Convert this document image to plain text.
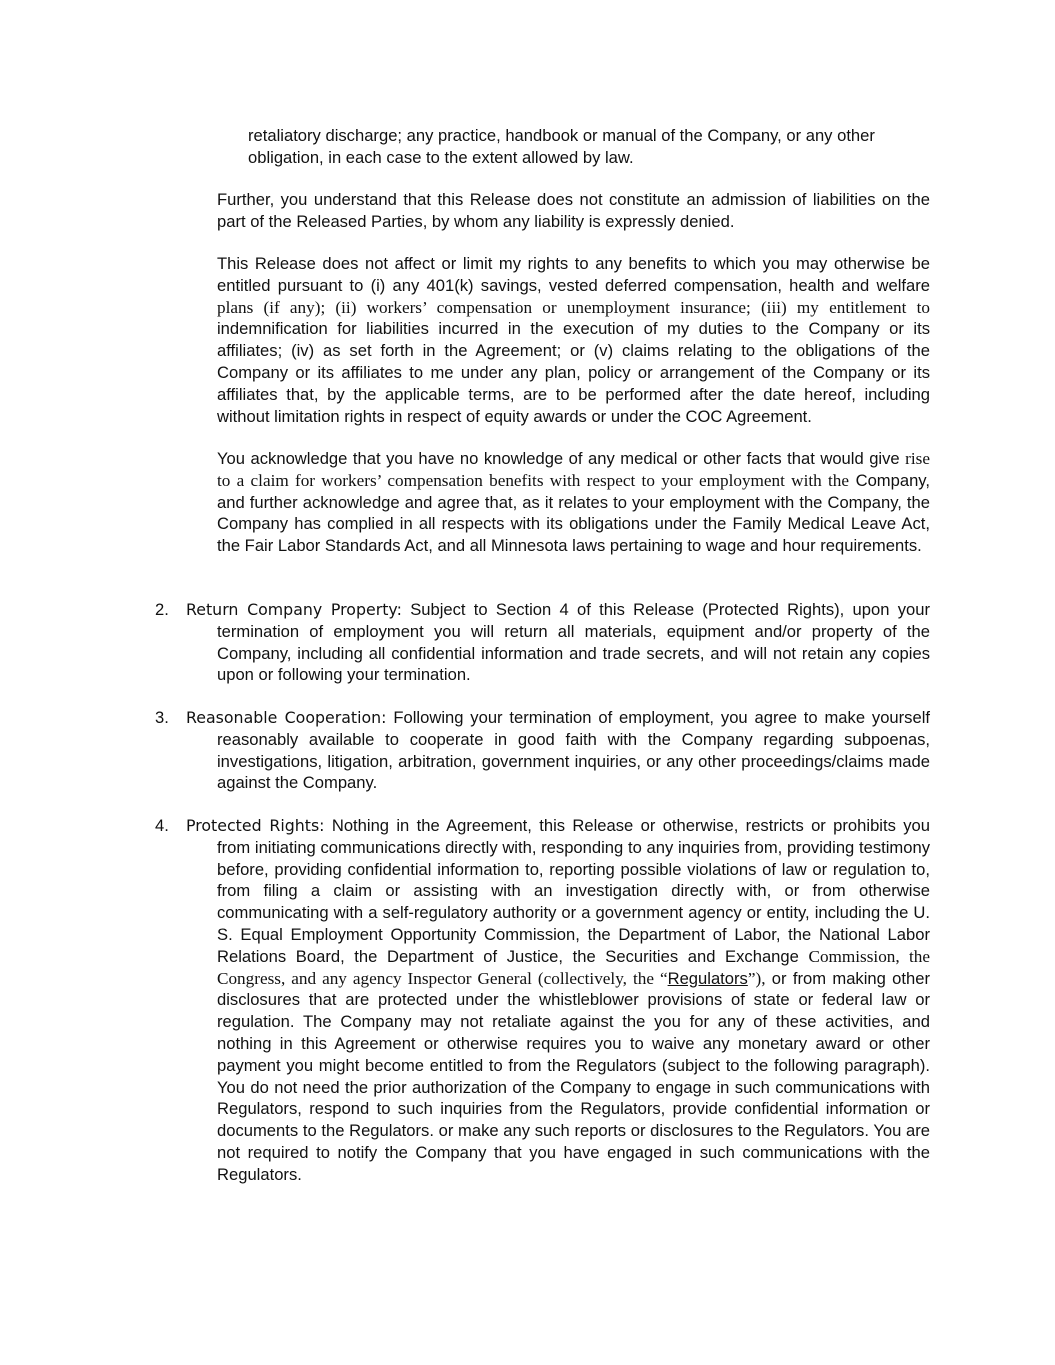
retaliatory discharge; any practice, handbook or manual of the Company, or any other obligation, in each case to the extent allowed by law.

Further, you understand that this Release does not constitute an admission of liabilities on the part of the Released Parties, by whom any liability is expressly denied.

This Release does not affect or limit my rights to any benefits to which you may otherwise be entitled pursuant to (i) any 401(k) savings, vested deferred compensation, health and welfare plans (if any); (ii) workers’ compensation or unemployment insurance; (iii) my entitlement to indemnification for liabilities incurred in the execution of my duties to the Company or its affiliates; (iv) as set forth in the Agreement; or (v) claims relating to the obligations of the Company or its affiliates to me under any plan, policy or arrangement of the Company or its affiliates that, by the applicable terms, are to be performed after the date hereof, including without limitation rights in respect of equity awards or under the COC Agreement.

You acknowledge that you have no knowledge of any medical or other facts that would give rise to a claim for workers’ compensation benefits with respect to your employment with the Company, and further acknowledge and agree that, as it relates to your employment with the Company, the Company has complied in all respects with its obligations under the Family Medical Leave Act, the Fair Labor Standards Act, and all Minnesota laws pertaining to wage and hour requirements.

2.	Return Company Property: Subject to Section 4 of this Release (Protected Rights), upon your termination of employment you will return all materials, equipment and/or property of the Company, including all confidential information and trade secrets, and will not retain any copies upon or following your termination.

3.	Reasonable Cooperation: Following your termination of employment, you agree to make yourself reasonably available to cooperate in good faith with the Company regarding subpoenas, investigations, litigation, arbitration, government inquiries, or any other proceedings/claims made against the Company.

4.	Protected Rights: Nothing in the Agreement, this Release or otherwise, restricts or prohibits you from initiating communications directly with, responding to any inquiries from, providing testimony before, providing confidential information to, reporting possible violations of law or regulation to, from filing a claim or assisting with an investigation directly with, or from otherwise communicating with a self-regulatory authority or a government agency or entity, including the U. S. Equal Employment Opportunity Commission, the Department of Labor, the National Labor Relations Board, the Department of Justice, the Securities and Exchange Commission, the Congress, and any agency Inspector General (collectively, the “Regulators”), or from making other disclosures that are protected under the whistleblower provisions of state or federal law or regulation. The Company may not retaliate against the you for any of these activities, and nothing in this Agreement or otherwise requires you to waive any monetary award or other payment you might become entitled to from the Regulators (subject to the following paragraph). You do not need the prior authorization of the Company to engage in such communications with Regulators, respond to such inquiries from the Regulators, provide confidential information or documents to the Regulators. or make any such reports or disclosures to the Regulators. You are not required to notify the Company that you have engaged in such communications with the Regulators.
